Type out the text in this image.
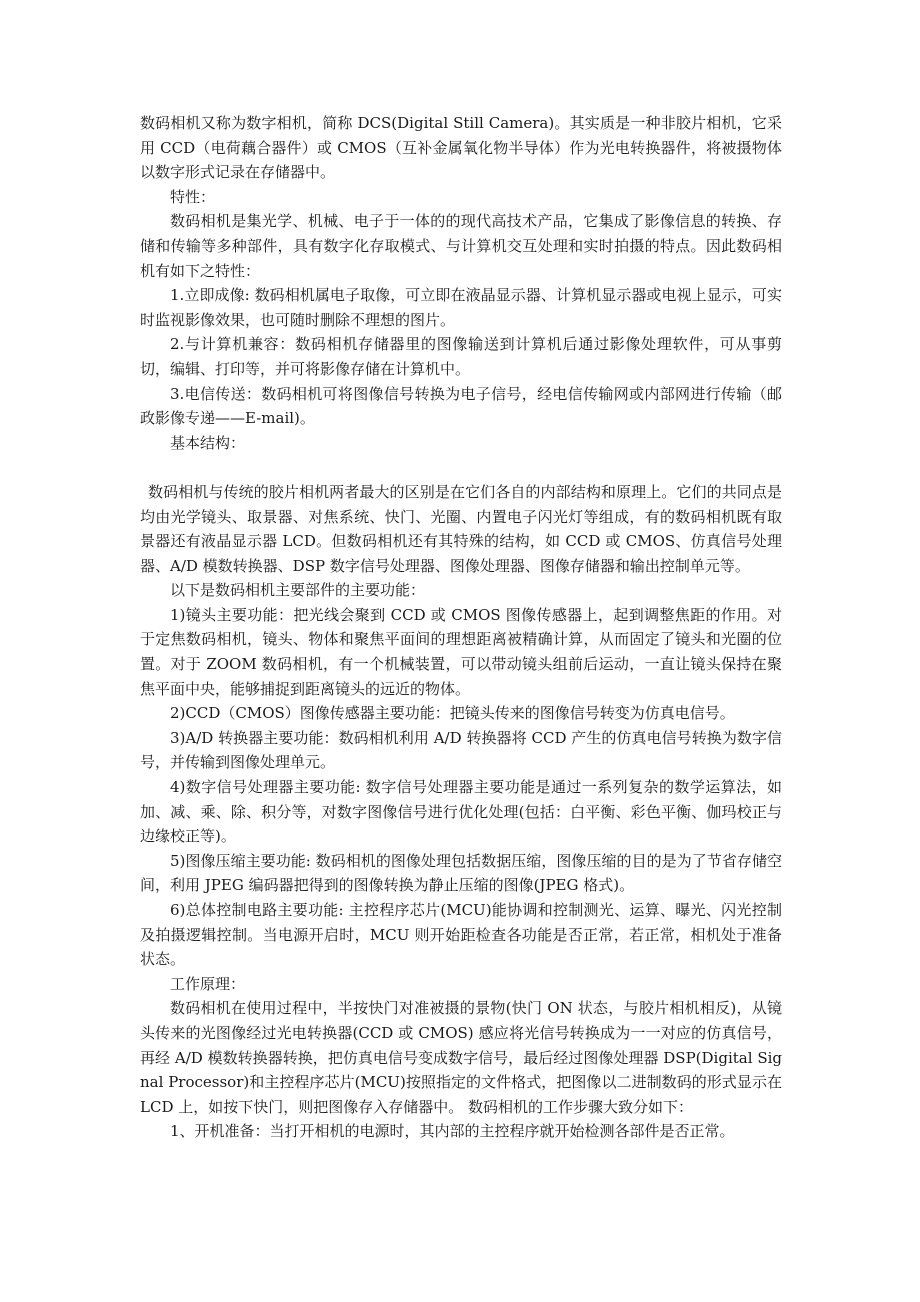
数码相机又称为数字相机，简称 DCS(Digital Still Camera)。其实质是一种非胶片相机，它采用 CCD（电荷藕合器件）或 CMOS（互补金属氧化物半导体）作为光电转换器件，将被摄物体以数字形式记录在存储器中。

特性：

数码相机是集光学、机械、电子于一体的的现代高技术产品，它集成了影像信息的转换、存储和传输等多种部件，具有数字化存取模式、与计算机交互处理和实时拍摄的特点。因此数码相机有如下之特性：

1.立即成像: 数码相机属电子取像，可立即在液晶显示器、计算机显示器或电视上显示，可实时监视影像效果，也可随时删除不理想的图片。

2.与计算机兼容：数码相机存储器里的图像输送到计算机后通过影像处理软件，可从事剪切，编辑、打印等，并可将影像存储在计算机中。

3.电信传送：数码相机可将图像信号转换为电子信号，经电信传输网或内部网进行传输（邮政影像专递——E-mail)。

基本结构：

数码相机与传统的胶片相机两者最大的区别是在它们各自的内部结构和原理上。它们的共同点是均由光学镜头、取景器、对焦系统、快门、光圈、内置电子闪光灯等组成，有的数码相机既有取景器还有液晶显示器 LCD。但数码相机还有其特殊的结构，如 CCD 或 CMOS、仿真信号处理器、A/D 模数转换器、DSP 数字信号处理器、图像处理器、图像存储器和输出控制单元等。

以下是数码相机主要部件的主要功能：

1)镜头主要功能：把光线会聚到 CCD 或 CMOS 图像传感器上，起到调整焦距的作用。对于定焦数码相机，镜头、物体和聚焦平面间的理想距离被精确计算，从而固定了镜头和光圈的位置。对于 ZOOM 数码相机，有一个机械装置，可以带动镜头组前后运动，一直让镜头保持在聚焦平面中央，能够捕捉到距离镜头的远近的物体。

2)CCD（CMOS）图像传感器主要功能：把镜头传来的图像信号转变为仿真电信号。

3)A/D 转换器主要功能：数码相机利用 A/D 转换器将 CCD 产生的仿真电信号转换为数字信号，并传输到图像处理单元。

4)数字信号处理器主要功能: 数字信号处理器主要功能是通过一系列复杂的数学运算法，如加、减、乘、除、积分等，对数字图像信号进行优化处理(包括：白平衡、彩色平衡、伽玛校正与边缘校正等)。

5)图像压缩主要功能: 数码相机的图像处理包括数据压缩，图像压缩的目的是为了节省存储空间，利用 JPEG 编码器把得到的图像转换为静止压缩的图像(JPEG 格式)。

6)总体控制电路主要功能: 主控程序芯片(MCU)能协调和控制测光、运算、曝光、闪光控制及拍摄逻辑控制。当电源开启时，MCU 则开始距检查各功能是否正常，若正常，相机处于准备状态。

工作原理：

数码相机在使用过程中，半按快门对准被摄的景物(快门 ON 状态，与胶片相机相反)，从镜头传来的光图像经过光电转换器(CCD 或 CMOS) 感应将光信号转换成为一一对应的仿真信号，再经 A/D 模数转换器转换，把仿真电信号变成数字信号，最后经过图像处理器 DSP(Digital Signal Processor)和主控程序芯片(MCU)按照指定的文件格式，把图像以二进制数码的形式显示在 LCD 上，如按下快门，则把图像存入存储器中。 数码相机的工作步骤大致分如下：

1、开机准备：当打开相机的电源时，其内部的主控程序就开始检测各部件是否正常。
